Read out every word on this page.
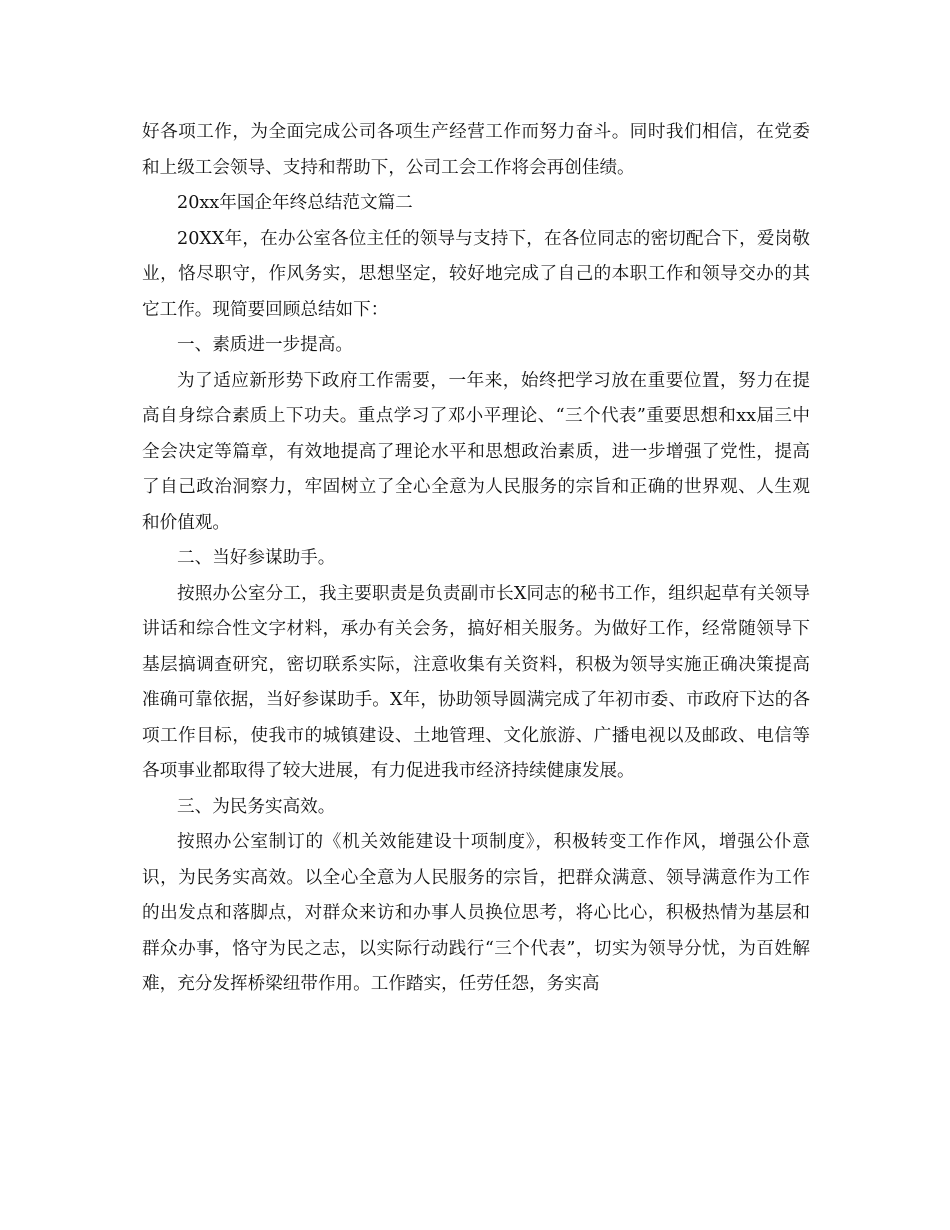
好各项工作，为全面完成公司各项生产经营工作而努力奋斗。同时我们相信，在党委和上级工会领导、支持和帮助下，公司工会工作将会再创佳绩。

20xx年国企年终总结范文篇二

20XX年，在办公室各位主任的领导与支持下，在各位同志的密切配合下，爱岗敬业，恪尽职守，作风务实，思想坚定，较好地完成了自己的本职工作和领导交办的其它工作。现简要回顾总结如下：

一、素质进一步提高。

为了适应新形势下政府工作需要，一年来，始终把学习放在重要位置，努力在提高自身综合素质上下功夫。重点学习了邓小平理论、“三个代表”重要思想和xx届三中全会决定等篇章，有效地提高了理论水平和思想政治素质，进一步增强了党性，提高了自己政治洞察力，牢固树立了全心全意为人民服务的宗旨和正确的世界观、人生观和价值观。

二、当好参谋助手。

按照办公室分工，我主要职责是负责副市长X同志的秘书工作，组织起草有关领导讲话和综合性文字材料，承办有关会务，搞好相关服务。为做好工作，经常随领导下基层搞调查研究，密切联系实际，注意收集有关资料，积极为领导实施正确决策提高准确可靠依据，当好参谋助手。X年，协助领导圆满完成了年初市委、市政府下达的各项工作目标，使我市的城镇建设、土地管理、文化旅游、广播电视以及邮政、电信等各项事业都取得了较大进展，有力促进我市经济持续健康发展。

三、为民务实高效。

按照办公室制订的《机关效能建设十项制度》，积极转变工作作风，增强公仆意识，为民务实高效。以全心全意为人民服务的宗旨，把群众满意、领导满意作为工作的出发点和落脚点，对群众来访和办事人员换位思考，将心比心，积极热情为基层和群众办事，恪守为民之志，以实际行动践行“三个代表”，切实为领导分忧，为百姓解难，充分发挥桥梁纽带作用。工作踏实，任劳任怨，务实高
